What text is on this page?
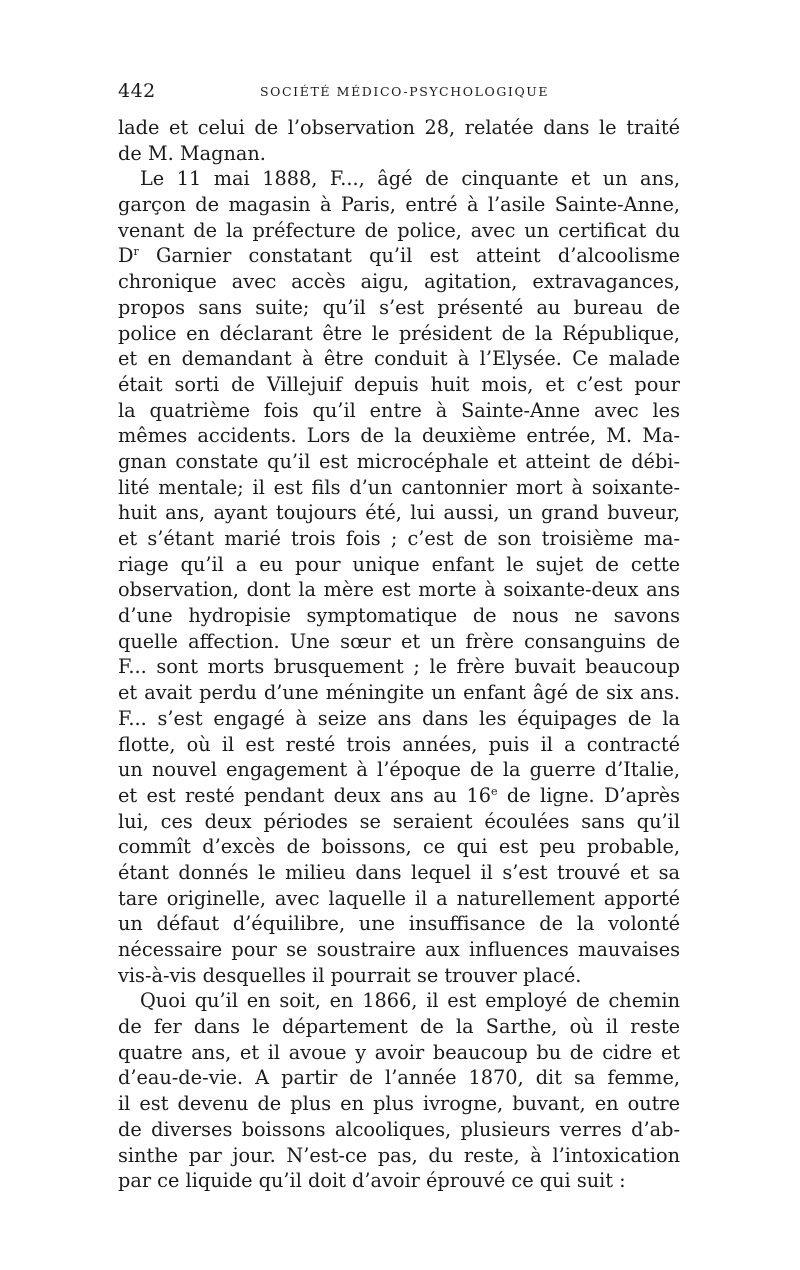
442	SOCIÉTÉ MÉDICO-PSYCHOLOGIQUE
lade et celui de l’observation 28, relatée dans le traité
de M. Magnan.
Le 11 mai 1888, F..., âgé de cinquante et un ans,
garçon de magasin à Paris, entré à l’asile Sainte-Anne,
venant de la préfecture de police, avec un certificat du
$D^r$ Garnier constatant qu’il est atteint d’alcoolisme
chronique avec accès aigu, agitation, extravagances,
propos sans suite; qu’il s’est présenté au bureau de
police en déclarant être le président de la République,
et en demandant à être conduit à l’Elysée. Ce malade
était sorti de Villejuif depuis huit mois, et c’est pour
la quatrième fois qu’il entre à Sainte-Anne avec les
mêmes accidents. Lors de la deuxième entrée, M. Ma-
gnan constate qu’il est microcéphale et atteint de débi-
lité mentale; il est fils d’un cantonnier mort à soixante-
huit ans, ayant toujours été, lui aussi, un grand buveur,
et s’étant marié trois fois ; c’est de son troisième ma-
riage qu’il a eu pour unique enfant le sujet de cette
observation, dont la mère est morte à soixante-deux ans
d’une hydropisie symptomatique de nous ne savons
quelle affection. Une sœur et un frère consanguins de
F... sont morts brusquement ; le frère buvait beaucoup
et avait perdu d’une méningite un enfant âgé de six ans.
F... s’est engagé à seize ans dans les équipages de la
flotte, où il est resté trois années, puis il a contracté
un nouvel engagement à l’époque de la guerre d’Italie,
et est resté pendant deux ans au 16e de ligne. D’après
lui, ces deux périodes se seraient écoulées sans qu’il
commît d’excès de boissons, ce qui est peu probable,
étant donnés le milieu dans lequel il s’est trouvé et sa
tare originelle, avec laquelle il a naturellement apporté
un défaut d’équilibre, une insuffisance de la volonté
nécessaire pour se soustraire aux influences mauvaises
vis-à-vis desquelles il pourrait se trouver placé.
Quoi qu’il en soit, en 1866, il est employé de chemin
de fer dans le département de la Sarthe, où il reste
quatre ans, et il avoue y avoir beaucoup bu de cidre et
d’eau-de-vie. A partir de l’année 1870, dit sa femme,
il est devenu de plus en plus ivrogne, buvant, en outre
de diverses boissons alcooliques, plusieurs verres d’ab-
sinthe par jour. N’est-ce pas, du reste, à l’intoxication
par ce liquide qu’il doit d’avoir éprouvé ce qui suit :
